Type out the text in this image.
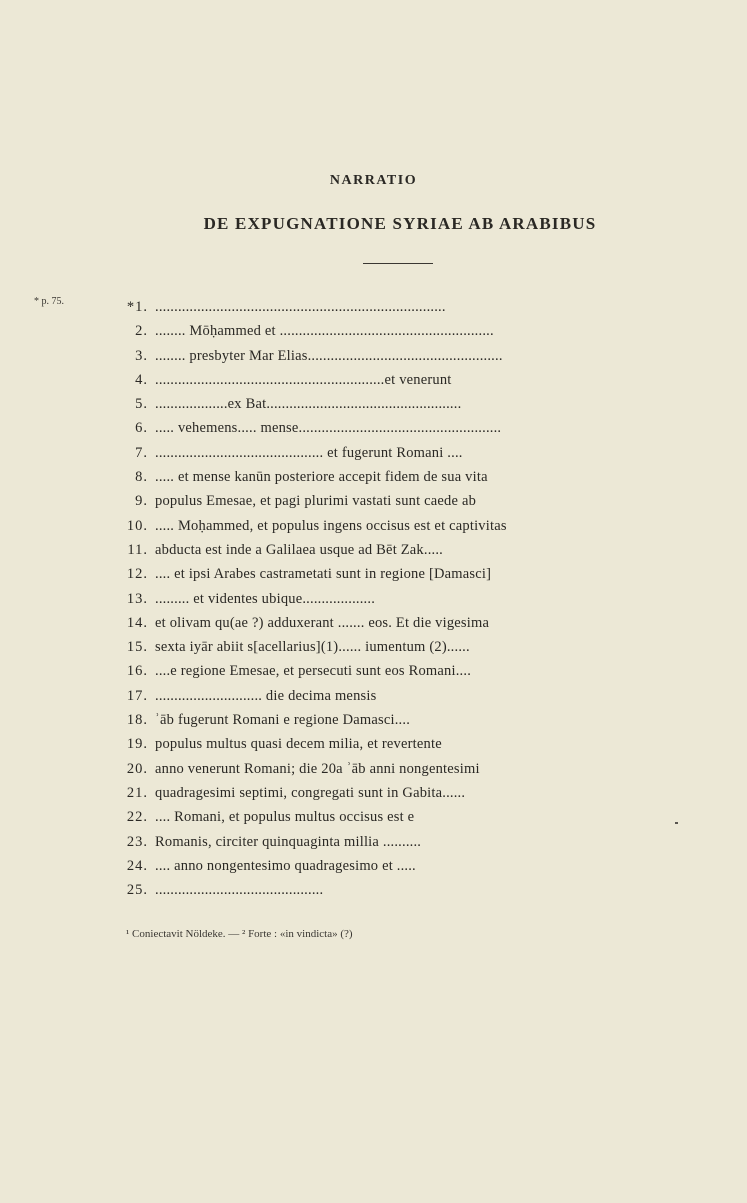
NARRATIO
DE EXPUGNATIONE SYRIAE AB ARABIBUS
* p. 75.	*1. ............................................................................
2. ........ Mōḥammed et ........................................................
3. ........ presbyter Mar Elias...................................................
4. ............................................................et venerunt
5. ...................ex Bat...................................................
6. ..... vehemens..... mense.....................................................
7. ............................................ et fugerunt Romani ....
8. ..... et mense kanūn posteriore accepit fidem de sua vita
9. populus Emesae, et pagi plurimi vastati sunt caede ab
10. ..... Moḥammed, et populus ingens occisus est et captivitas
11. abducta est inde a Galilaea usque ad Bēt Zak.....
12. .... et ipsi Arabes castrametati sunt in regione [Damasci]
13. ......... et videntes ubique...................
14. et olivam qu(ae ?) adduxerant ....... eos. Et die vigesima
15. sexta iyār abiit s[acellarius](1)...... iumentum (2)......
16. ....e regione Emesae, et persecuti sunt eos Romani....
17. ............................ die decima mensis
18. ʾāb fugerunt Romani e regione Damasci....
19. populus multus quasi decem milia, et revertente
20. anno venerunt Romani; die 20a ʾāb anni nongentesimi
21. quadragesimi septimi, congregati sunt in Gabita......
22. .... Romani, et populus multus occisus est e
23. Romanis, circiter quinquaginta millia ..........
24. .... anno nongentesimo quadragesimo et .....
25. ............................................
¹ Coniectavit Nöldeke. — ² Forte : «in vindicta» (?)
